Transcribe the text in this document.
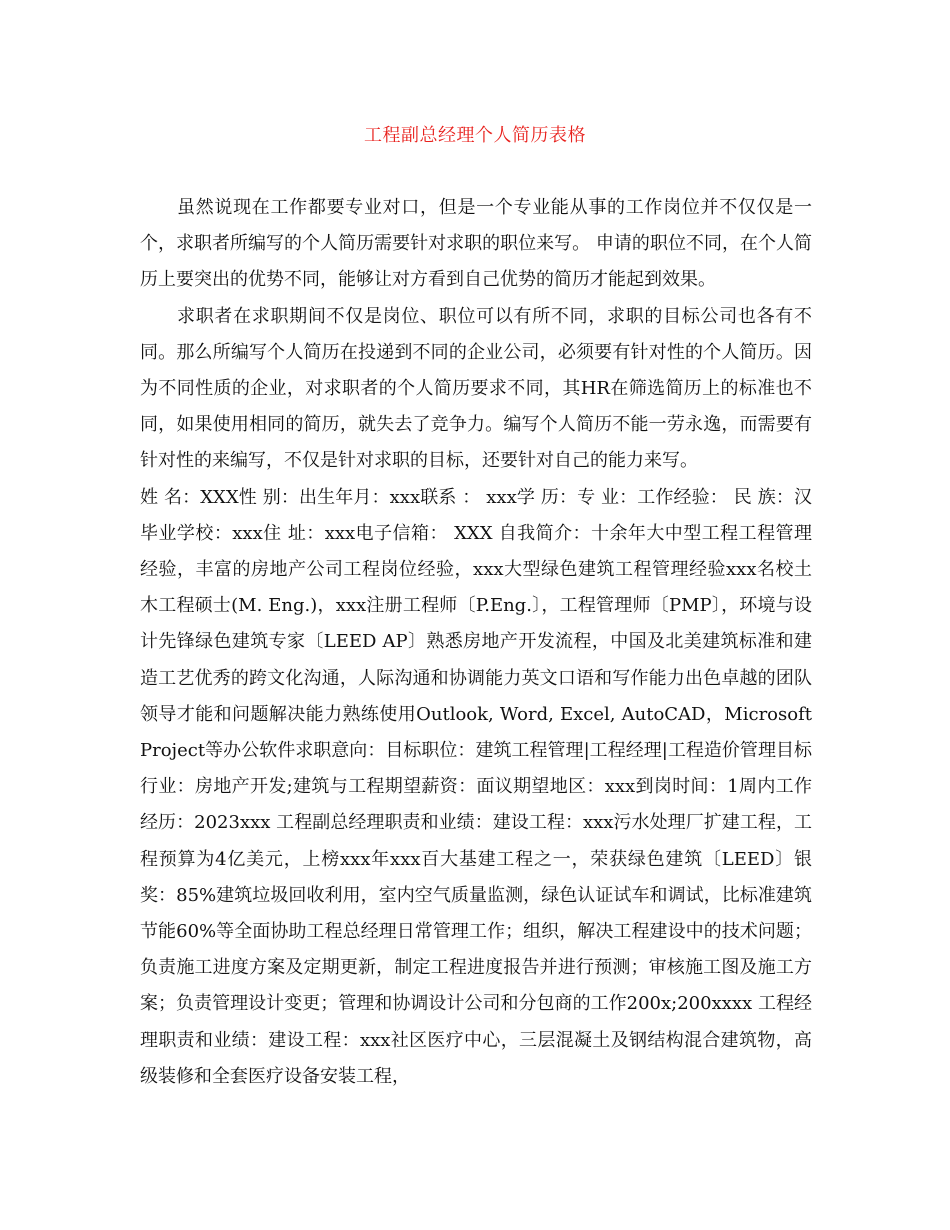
工程副总经理个人简历表格

虽然说现在工作都要专业对口，但是一个专业能从事的工作岗位并不仅仅是一个，求职者所编写的个人简历需要针对求职的职位来写。 申请的职位不同，在个人简历上要突出的优势不同，能够让对方看到自己优势的简历才能起到效果。

求职者在求职期间不仅是岗位、职位可以有所不同，求职的目标公司也各有不同。那么所编写个人简历在投递到不同的企业公司，必须要有针对性的个人简历。因为不同性质的企业，对求职者的个人简历要求不同，其HR在筛选简历上的标准也不同，如果使用相同的简历，就失去了竞争力。编写个人简历不能一劳永逸，而需要有针对性的来编写，不仅是针对求职的目标，还要针对自己的能力来写。

姓 名：XXX性 别：出生年月：xxx联系 ： xxx学 历：专 业：工作经验： 民 族：汉毕业学校：xxx住 址：xxx电子信箱： XXX 自我简介：十余年大中型工程工程管理经验，丰富的房地产公司工程岗位经验，xxx大型绿色建筑工程管理经验xxx名校土木工程硕士(M. Eng.)，xxx注册工程师〔P.Eng.〕，工程管理师〔PMP〕，环境与设计先锋绿色建筑专家〔LEED AP〕熟悉房地产开发流程，中国及北美建筑标准和建造工艺优秀的跨文化沟通，人际沟通和协调能力英文口语和写作能力出色卓越的团队领导才能和问题解决能力熟练使用Outlook, Word, Excel, AutoCAD，Microsoft Project等办公软件求职意向：目标职位：建筑工程管理|工程经理|工程造价管理目标行业：房地产开发;建筑与工程期望薪资：面议期望地区：xxx到岗时间：1周内工作经历：2023xxx 工程副总经理职责和业绩：建设工程：xxx污水处理厂扩建工程，工程预算为4亿美元，上榜xxx年xxx百大基建工程之一，荣获绿色建筑〔LEED〕银奖：85%建筑垃圾回收利用，室内空气质量监测，绿色认证试车和调试，比标准建筑节能60%等全面协助工程总经理日常管理工作；组织，解决工程建设中的技术问题；负责施工进度方案及定期更新，制定工程进度报告并进行预测；审核施工图及施工方案；负责管理设计变更；管理和协调设计公司和分包商的工作200x;200xxxx 工程经理职责和业绩：建设工程：xxx社区医疗中心，三层混凝土及钢结构混合建筑物，高级装修和全套医疗设备安装工程，
